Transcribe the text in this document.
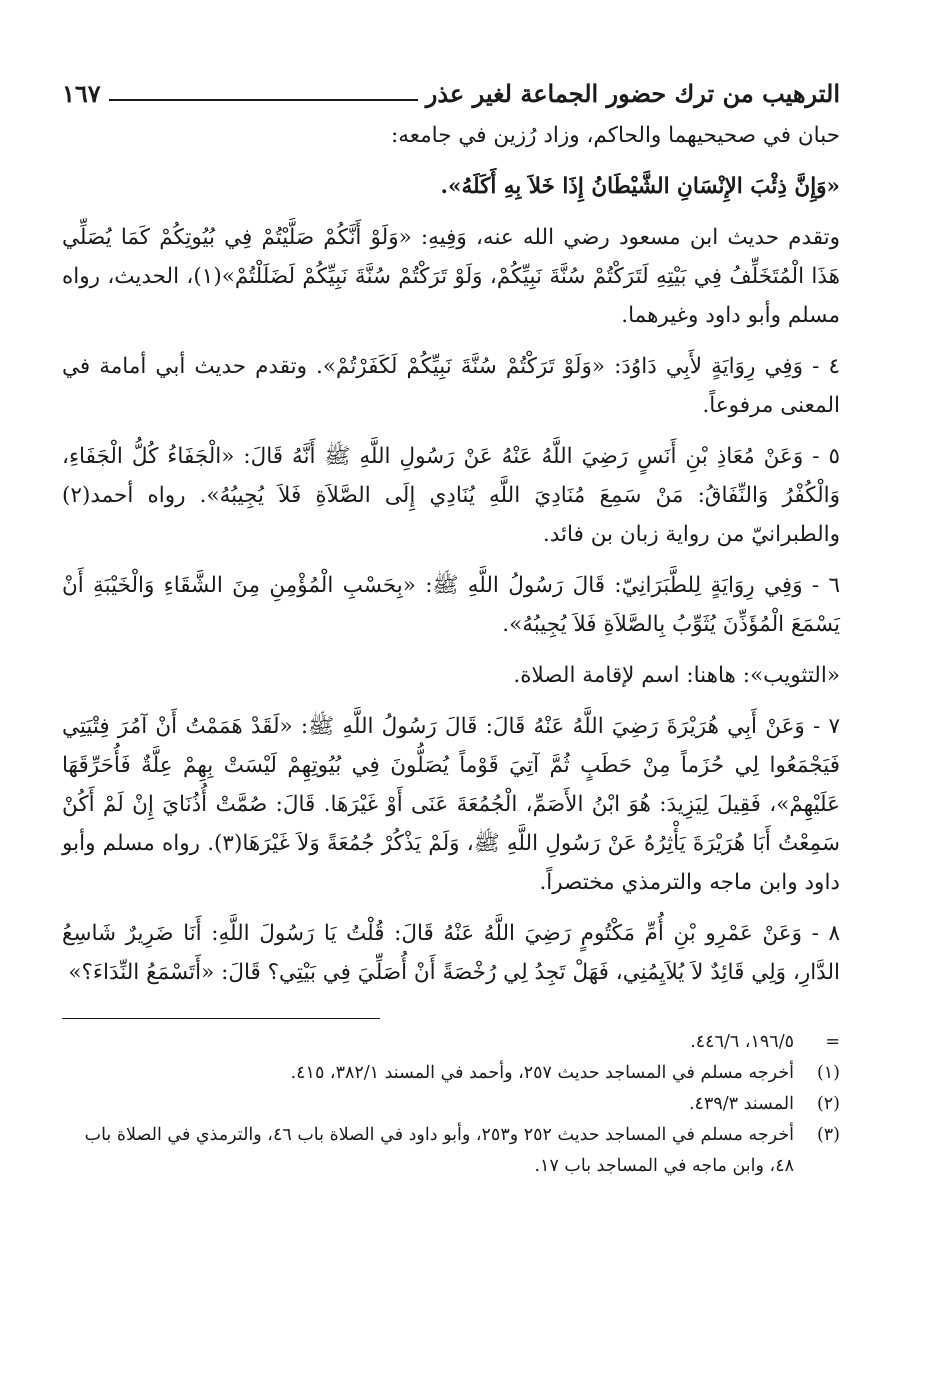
الترهيب من ترك حضور الجماعة لغير عذر
١٦٧

حبان في صحيحيهما والحاكم، وزاد رُزين في جامعه:

«وَإِنَّ ذِئْبَ الإِنْسَانِ الشَّيْطَانُ إِذَا خَلاَ بِهِ أَكَلَهُ».

وتقدم حديث ابن مسعود رضي الله عنه، وَفِيهِ: «وَلَوْ أَنَّكُمْ صَلَّيْتُمْ فِي بُيُوتِكُمْ كَمَا يُصَلِّي هَذَا الْمُتَخَلِّفُ فِي بَيْتِهِ لَتَرَكْتُمْ سُنَّةَ نَبِيِّكُمْ، وَلَوْ تَرَكْتُمْ سُنَّةَ نَبِيِّكُمْ لَضَلَلْتُمْ»(١)، الحديث، رواه مسلم وأبو داود وغيرهما.

٤ - وَفِي رِوَايَةٍ لأَبِي دَاوُدَ: «وَلَوْ تَرَكْتُمْ سُنَّةَ نَبِيِّكُمْ لَكَفَرْتُمْ». وتقدم حديث أبي أمامة في المعنى مرفوعاً.

٥ - وَعَنْ مُعَاذِ بْنِ أَنَسٍ رَضِيَ اللَّهُ عَنْهُ عَنْ رَسُولِ اللَّهِ ﷺ أَنَّهُ قَالَ: «الْجَفَاءُ كُلُّ الْجَفَاءِ، وَالْكُفْرُ وَالنِّفَاقُ: مَنْ سَمِعَ مُنَادِيَ اللَّهِ يُنَادِي إِلَى الصَّلاَةِ فَلاَ يُجِيبُهُ». رواه أحمد(٢) والطبرانيّ من رواية زبان بن فائد.

٦ - وَفِي رِوَايَةٍ لِلطَّبَرَانِيّ: قَالَ رَسُولُ اللَّهِ ﷺ: «بِحَسْبِ الْمُؤْمِنِ مِنَ الشَّقَاءِ وَالْخَيْبَةِ أَنْ يَسْمَعَ الْمُؤَذِّنَ يُثَوِّبُ بِالصَّلاَةِ فَلاَ يُجِيبُهُ».

«التثويب»: هاهنا: اسم لإقامة الصلاة.

٧ - وَعَنْ أَبِي هُرَيْرَةَ رَضِيَ اللَّهُ عَنْهُ قَالَ: قَالَ رَسُولُ اللَّهِ ﷺ: «لَقَدْ هَمَمْتُ أَنْ آمُرَ فِتْيَتِي فَيَجْمَعُوا لِي حُزَماً مِنْ حَطَبٍ ثُمَّ آتِيَ قَوْماً يُصَلُّونَ فِي بُيُوتِهِمْ لَيْسَتْ بِهِمْ عِلَّةٌ فَأُحَرِّقَهَا عَلَيْهِمْ»، فَقِيلَ لِيَزِيدَ: هُوَ ابْنُ الأَصَمِّ، الْجُمُعَةَ عَنَى أَوْ غَيْرَهَا. قَالَ: صُمَّتْ أُذُنَايَ إِنْ لَمْ أَكُنْ سَمِعْتُ أَبَا هُرَيْرَةَ يَأْثِرُهُ عَنْ رَسُولِ اللَّهِ ﷺ، وَلَمْ يَذْكُرْ جُمُعَةً وَلاَ غَيْرَهَا(٣). رواه مسلم وأبو داود وابن ماجه والترمذي مختصراً.

٨ - وَعَنْ عَمْرِو بْنِ أُمِّ مَكْتُومٍ رَضِيَ اللَّهُ عَنْهُ قَالَ: قُلْتُ يَا رَسُولَ اللَّهِ: أَنَا ضَرِيرٌ شَاسِعُ الدَّارِ، وَلِي قَائِدٌ لاَ يُلاَيِمُنِي، فَهَلْ تَجِدُ لِي رُخْصَةً أَنْ أُصَلِّيَ فِي بَيْتِي؟ قَالَ: «أَتَسْمَعُ النِّدَاءَ؟»

=
١٩٦/٥، ٤٤٦/٦.
(١)
أخرجه مسلم في المساجد حديث ٢٥٧، وأحمد في المسند ٣٨٢/١، ٤١٥.
(٢)
المسند ٤٣٩/٣.
(٣)
أخرجه مسلم في المساجد حديث ٢٥٢ و٢٥٣، وأبو داود في الصلاة باب ٤٦، والترمذي في الصلاة باب ٤٨، وابن ماجه في المساجد باب ١٧.
